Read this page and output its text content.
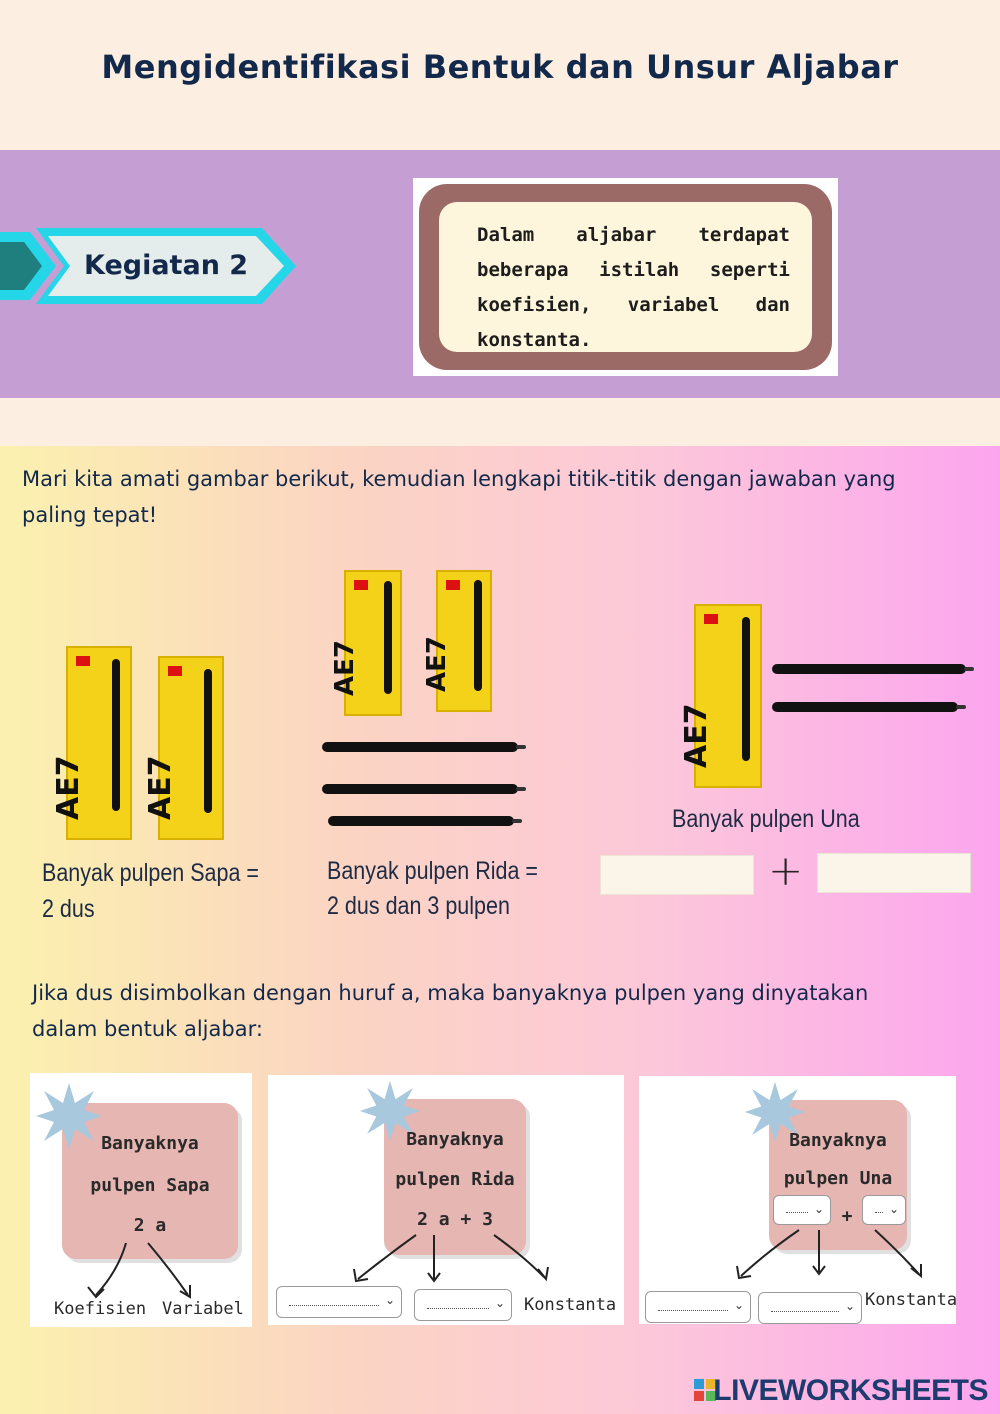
Mengidentifikasi Bentuk dan Unsur Aljabar
Kegiatan 2
Dalam aljabar terdapat beberapa istilah seperti koefisien, variabel dan konstanta.
Mari kita amati gambar berikut, kemudian lengkapi titik-titik dengan jawaban yang paling tepat!
AE7 AE7
AE7 AE7
AE7
Banyak pulpen Sapa =
2 dus
Banyak pulpen Rida =
2 dus dan 3 pulpen
Banyak pulpen Una
+
Jika dus disimbolkan dengan huruf a, maka banyaknya pulpen yang dinyatakan dalam bentuk aljabar:
Banyaknya
pulpen Sapa
2 a
Koefisien Variabel
Banyaknya
pulpen Rida
2 a + 3
Konstanta
⌄	⌄
Banyaknya
pulpen Una
+
Konstanta
⌄	⌄
⌄	⌄
LIVEWORKSHEETS
